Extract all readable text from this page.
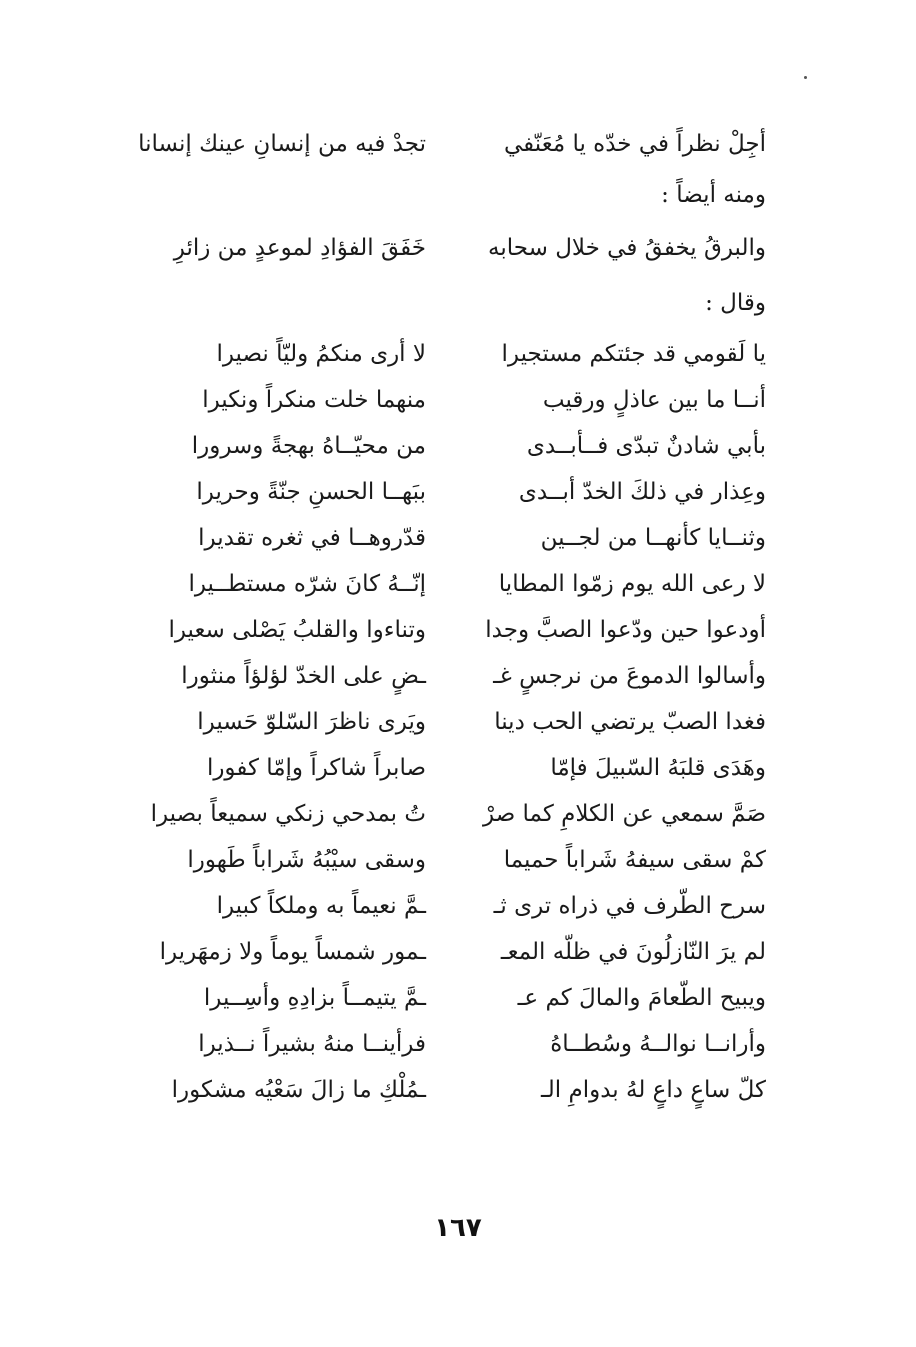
أجِلْ نظراً في خدّه يا مُعَنّفي
تجدْ فيه من إنسانِ عينك إنسانا
ومنه أيضاً :
والبرقُ يخفقُ في خلال سحابه
خَفَقَ الفؤادِ لموعدٍ من زائرِ
وقال :
يا لَقومي قد جئتكم مستجيرا
لا أرى منكمُ وليّاً نصيرا
أنــا ما بين عاذلٍ ورقيب
منهما خلت منكراً ونكيرا
بأبي شادنٌ تبدّى فــأبــدى
من محيّــاهُ بهجةً وسرورا
وعِذار في ذلكَ الخدّ أبــدى
ببَهــا الحسنِ جنّةً وحريرا
وثنــايا كأنهــا من لجــين
قدّروهــا في ثغره تقديرا
لا رعى الله يوم زمّوا المطايا
إنّــهُ كانَ شرّه مستطــيرا
أودعوا حين ودّعوا الصبَّ وجدا
وتناءوا والقلبُ يَصْلى سعيرا
وأسالوا الدموعَ من نرجسٍ غـ
ـضٍ على الخدّ لؤلؤاً منثورا
فغدا الصبّ يرتضي الحب دينا
ويَرى ناظرَ السّلوّ حَسيرا
وهَدَى قلبَهُ السّبيلَ فإمّا
صابراً شاكراً وإمّا كفورا
صَمَّ سمعي عن الكلامِ كما صرْ
تُ بمدحي زنكي سميعاً بصيرا
كمْ سقى سيفهُ شَراباً حميما
وسقى سيْبُهُ شَراباً طَهورا
سرح الطّرف في ذراه ترى ثـ
ـمَّ نعيماً به وملكاً كبيرا
لم يرَ النّازلُونَ في ظلّه المعـ
ـمور شمساً يوماً ولا زمهَريرا
ويبيح الطّعامَ والمالَ كم عـ
ـمَّ يتيمــاً بزادِهِ وأسِــيرا
وأرانــا نوالــهُ وسُطــاهُ
فرأينــا منهُ بشيراً نــذيرا
كلّ ساعٍ داعٍ لهُ بدوامِ الـ
ـمُلْكِ ما زالَ سَعْيُه مشكورا
١٦٧
